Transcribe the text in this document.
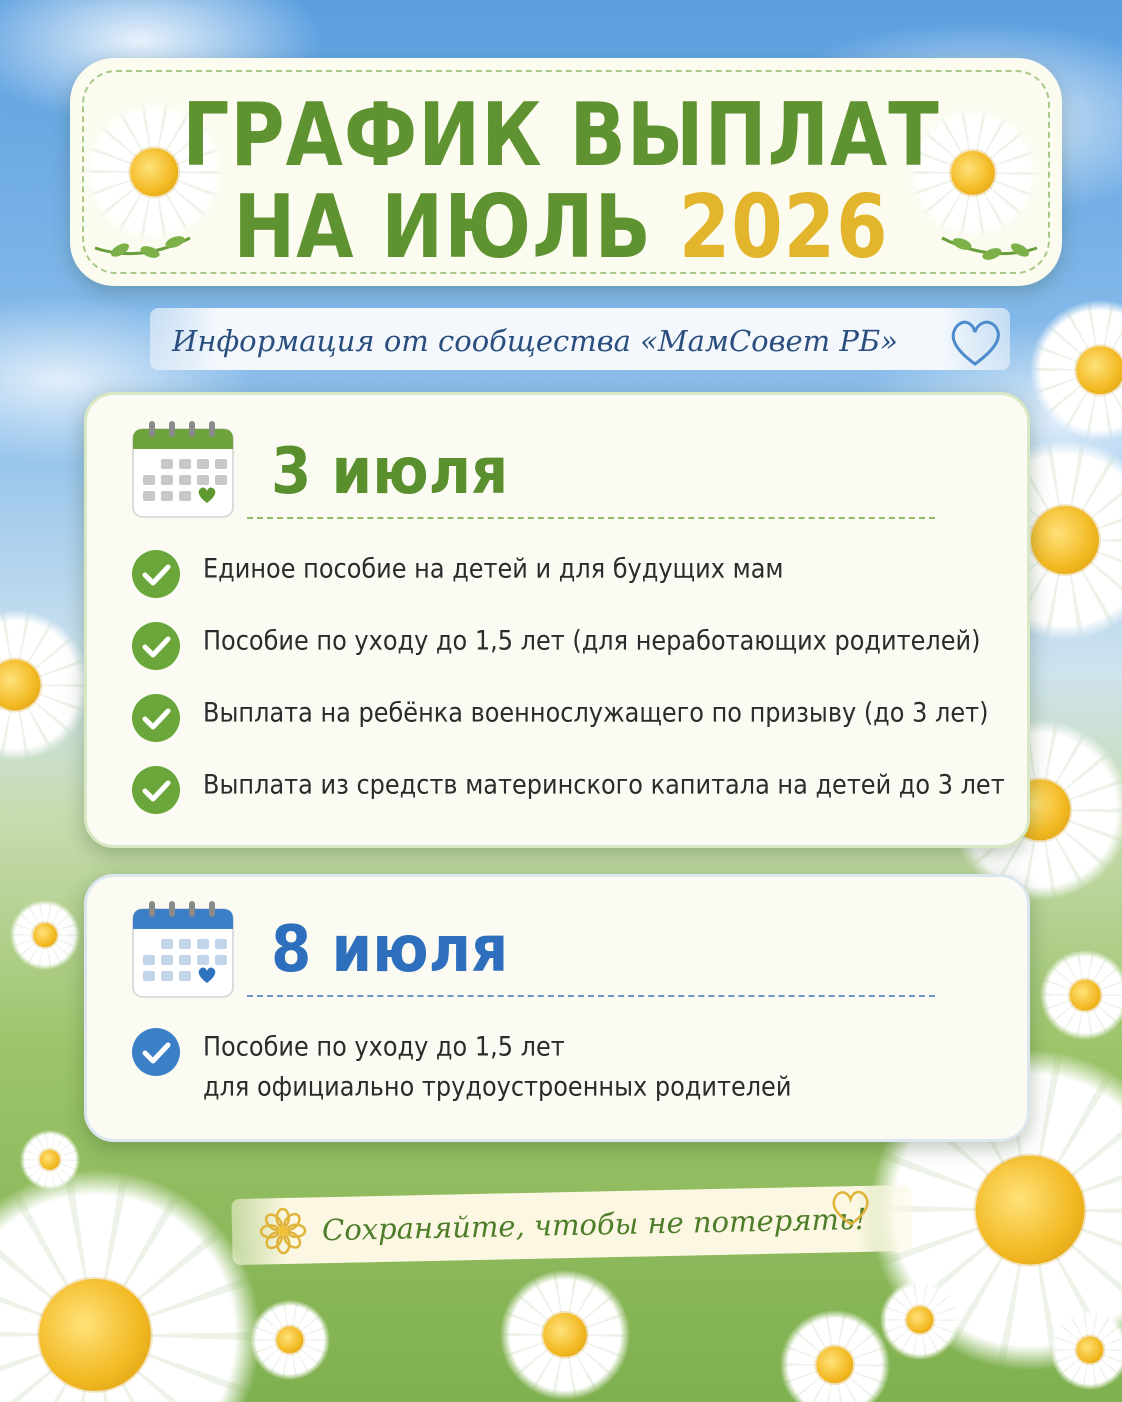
ГРАФИК ВЫПЛАТ
НА ИЮЛЬ 2026
Информация от сообщества «МамСовет РБ»
3 июля
Единое пособие на детей и для будущих мам
Пособие по уходу до 1,5 лет (для неработающих родителей)
Выплата на ребёнка военнослужащего по призыву (до 3 лет)
Выплата из средств материнского капитала на детей до 3 лет
8 июля
Пособие по уходу до 1,5 лет
для официально трудоустроенных родителей
Сохраняйте, чтобы не потерять!
